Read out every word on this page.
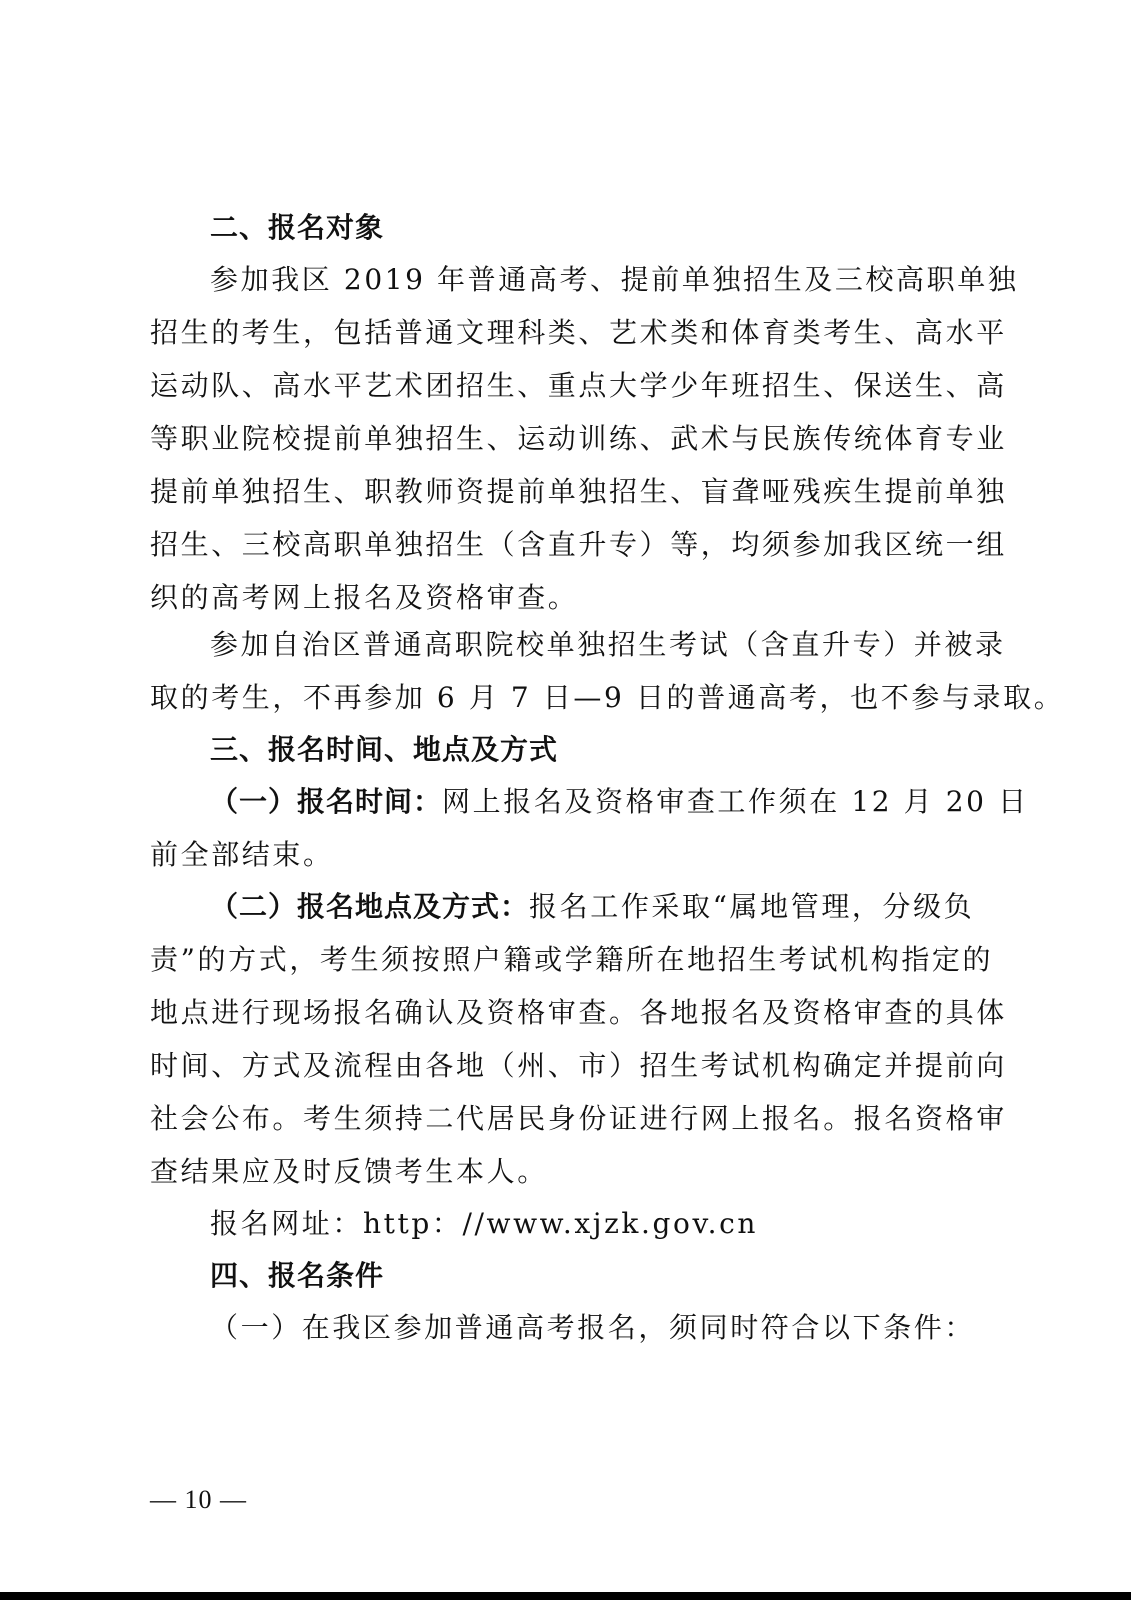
二、报名对象
参加我区 2019 年普通高考、提前单独招生及三校高职单独
招生的考生，包括普通文理科类、艺术类和体育类考生、高水平
运动队、高水平艺术团招生、重点大学少年班招生、保送生、高
等职业院校提前单独招生、运动训练、武术与民族传统体育专业
提前单独招生、职教师资提前单独招生、盲聋哑残疾生提前单独
招生、三校高职单独招生（含直升专）等，均须参加我区统一组
织的高考网上报名及资格审查。
参加自治区普通高职院校单独招生考试（含直升专）并被录
取的考生，不再参加 6 月 7 日—9 日的普通高考，也不参与录取。
三、报名时间、地点及方式
（一）报名时间：网上报名及资格审查工作须在 12 月 20 日
前全部结束。
（二）报名地点及方式：报名工作采取“属地管理，分级负
责”的方式，考生须按照户籍或学籍所在地招生考试机构指定的
地点进行现场报名确认及资格审查。各地报名及资格审查的具体
时间、方式及流程由各地（州、市）招生考试机构确定并提前向
社会公布。考生须持二代居民身份证进行网上报名。报名资格审
查结果应及时反馈考生本人。
报名网址：http：//www.xjzk.gov.cn
四、报名条件
（一）在我区参加普通高考报名，须同时符合以下条件：
— 10 —
